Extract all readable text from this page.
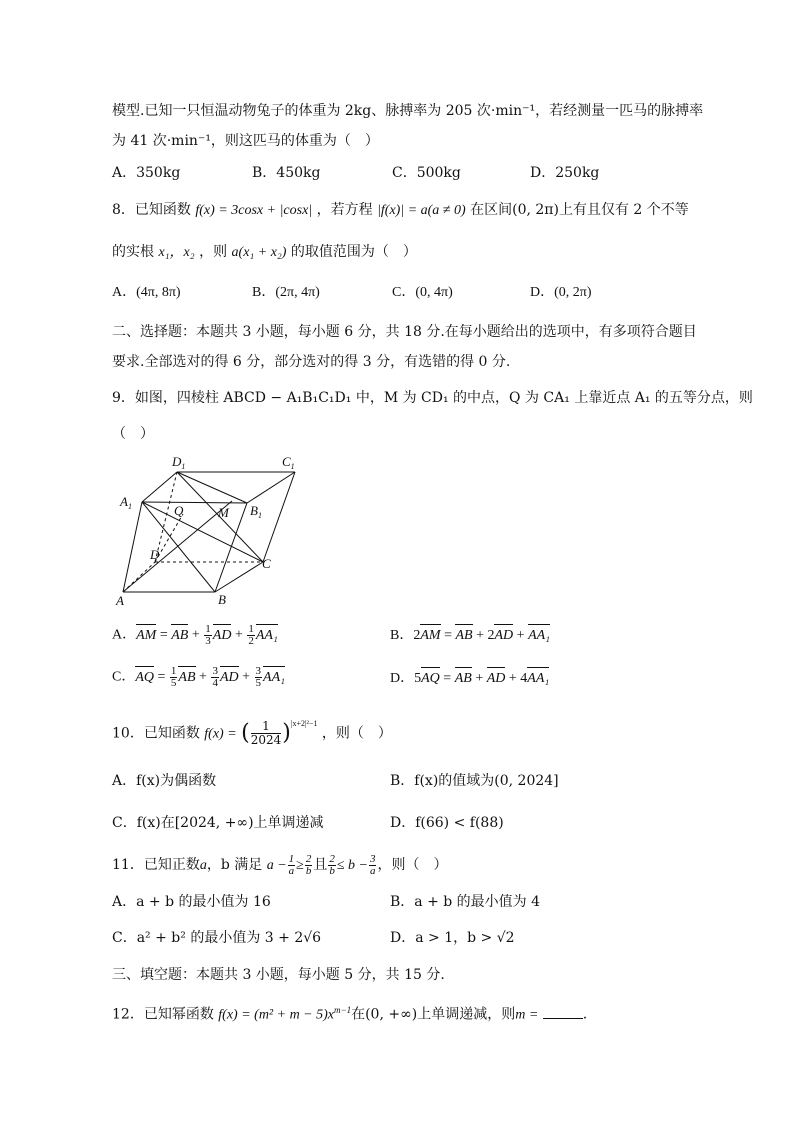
模型.已知一只恒温动物兔子的体重为 2kg、脉搏率为 205 次·min⁻¹，若经测量一匹马的脉搏率
为 41 次·min⁻¹，则这匹马的体重为（　）
A．350kg	B．450kg	C．500kg	D．250kg
8．已知函数 f(x) = 3cosx + |cosx| ，若方程 |f(x)| = a(a ≠ 0) 在区间(0, 2π)上有且仅有 2 个不等
的实根 x₁，x₂ ，则 a(x₁ + x₂) 的取值范围为（　）
A．(4π, 8π)	B．(2π, 4π)	C．(0, 4π)	D．(0, 2π)
二、选择题：本题共 3 小题，每小题 6 分，共 18 分.在每小题给出的选项中，有多项符合题目
要求.全部选对的得 6 分，部分选对的得 3 分，有选错的得 0 分.
9．如图，四棱柱 ABCD − A₁B₁C₁D₁ 中，M 为 CD₁ 的中点，Q 为 CA₁ 上靠近点 A₁ 的五等分点，则
（　）
$D_1$	$C_1$
$A_1$	$B_1$
Q	M
D
C
A	B
A．AM = AB + $\frac{1}{3}$ AD + $\frac{1}{2} AA_1$	B．2AM = AB + 2AD + AA₁
C．AQ = $\frac{1}{5}$ AB + $\frac{3}{4}$ AD + $\frac{3}{5} AA_1$	D．5AQ = AB + AD + 4AA₁
10．已知函数 f(x) = ( $\frac{1}{2024} )^{|x+2|^2-1}$ ，则（　）
A．f(x)为偶函数	B．f(x)的值域为(0, 2024]
C．f(x)在[2024, +∞)上单调递减	D．f(66) < f(88)
11．已知正数a，b 满足 $a - \frac{1}{a} \ge \frac{2}{b}$ 且 $\frac{2}{b} \le b - \frac{3}{a}$ ，则（　）
A．a + b 的最小值为 16	B．a + b 的最小值为 4
C．a² + b² 的最小值为 3 + 2√6	D．a > 1，b > √2
三、填空题：本题共 3 小题，每小题 5 分，共 15 分.
12．已知幂函数 $f(x) = (m^2 + m - 5)x^{m-1}$在(0, +∞)上单调递减，则m =	.
